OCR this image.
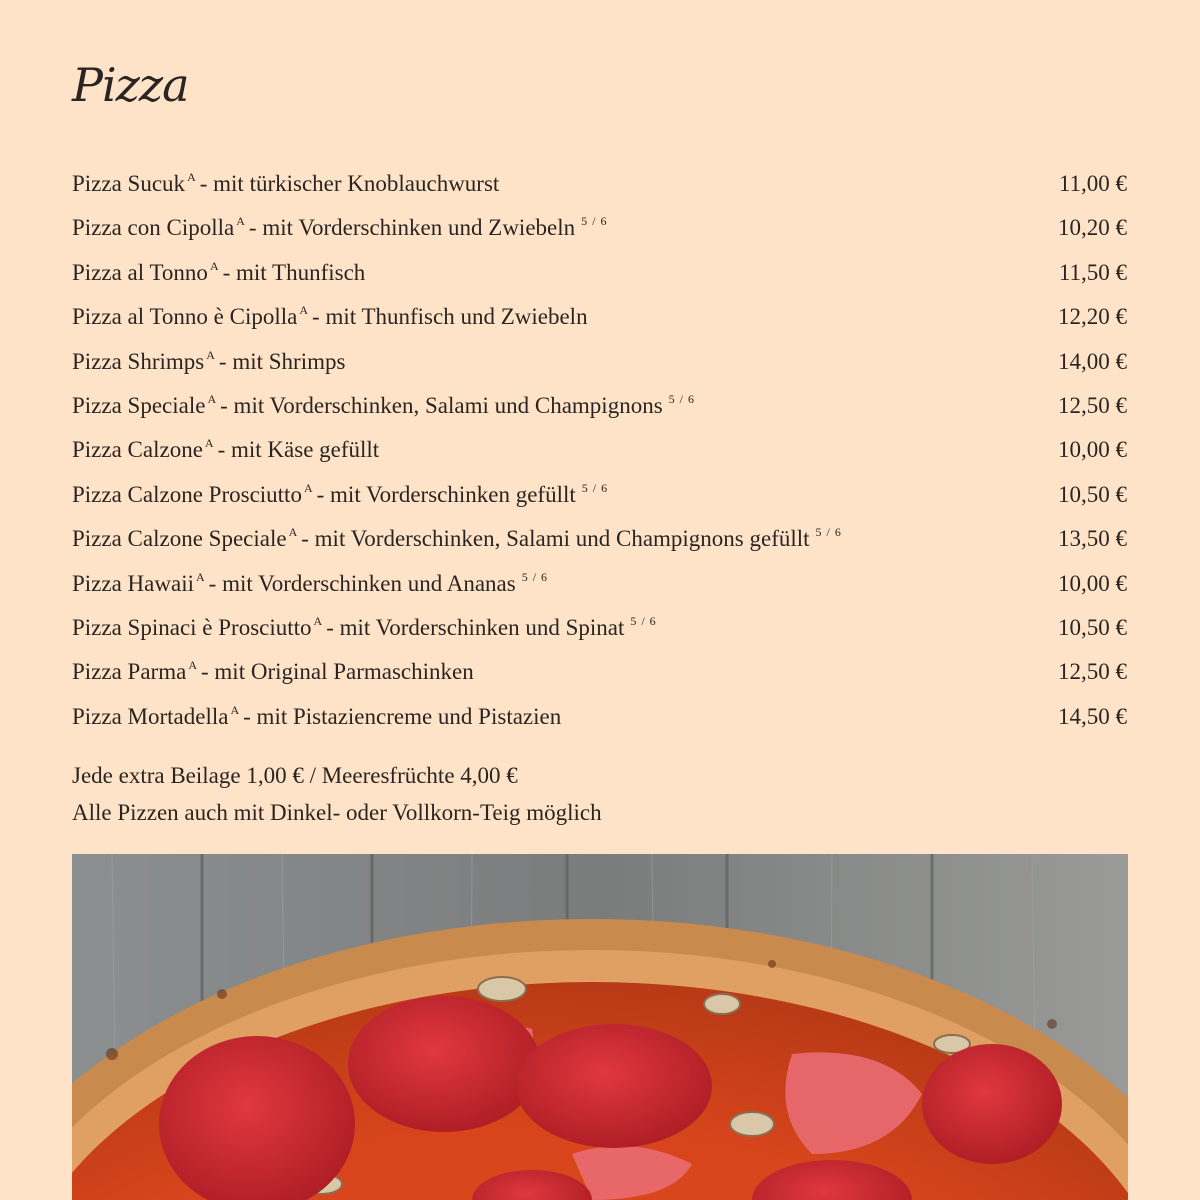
Pizza
Pizza Sucuk $^A$ - mit türkischer Knoblauchwurst	11,00 €
Pizza con Cipolla $^A$ - mit Vorderschinken und Zwiebeln $^{5 / 6}$	10,20 €
Pizza al Tonno $^A$ - mit Thunfisch	11,50 €
Pizza al Tonno è Cipolla $^A$ - mit Thunfisch und Zwiebeln	12,20 €
Pizza Shrimps $^A$ - mit Shrimps	14,00 €
Pizza Speciale $^A$ - mit Vorderschinken, Salami und Champignons $^{5 / 6}$	12,50 €
Pizza Calzone $^A$ - mit Käse gefüllt	10,00 €
Pizza Calzone Prosciutto $^A$ - mit Vorderschinken gefüllt $^{5 / 6}$	10,50 €
Pizza Calzone Speciale $^A$ - mit Vorderschinken, Salami und Champignons gefüllt $^{5 / 6}$	13,50 €
Pizza Hawaii $^A$ - mit Vorderschinken und Ananas $^{5 / 6}$	10,00 €
Pizza Spinaci è Prosciutto $^A$ - mit Vorderschinken und Spinat $^{5 / 6}$	10,50 €
Pizza Parma $^A$ - mit Original Parmaschinken	12,50 €
Pizza Mortadella $^A$ - mit Pistaziencreme und Pistazien	14,50 €
Jede extra Beilage 1,00 € / Meeresfrüchte 4,00 €
Alle Pizzen auch mit Dinkel- oder Vollkorn-Teig möglich
